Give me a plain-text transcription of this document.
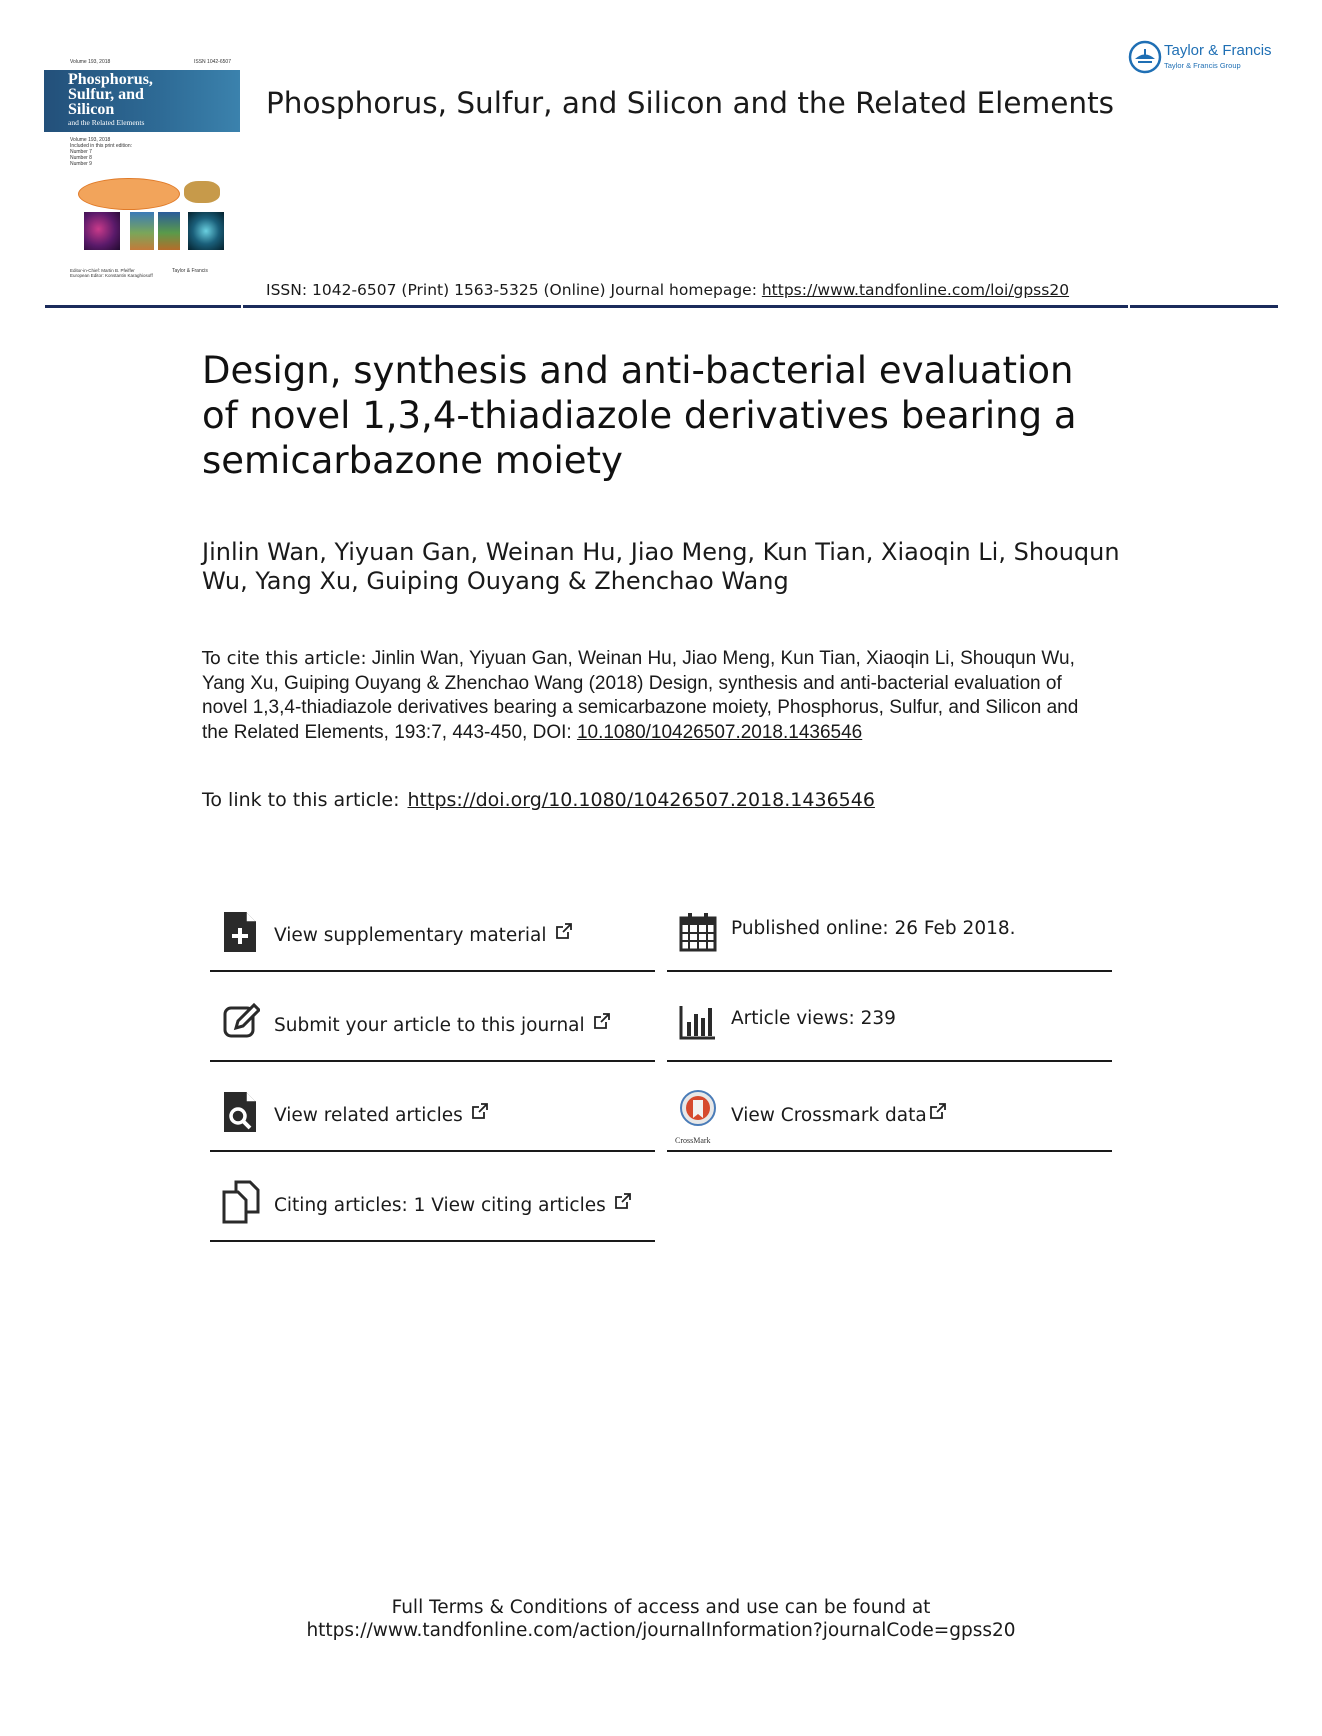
Volume 193, 2018	ISSN 1042-6507
Phosphorus,
Sulfur, and
Silicon
and the Related Elements
Volume 193, 2018
Included in this print edition:
Number 7
Number 8
Number 9
Editor-in-Chief: Martin B. Pfeiffer
European Editor: Konstantin Karaghiosoff
Taylor & Francis
Taylor & Francis
Taylor & Francis Group
Phosphorus, Sulfur, and Silicon and the Related Elements
ISSN: 1042-6507 (Print) 1563-5325 (Online) Journal homepage: https://www.tandfonline.com/loi/gpss20
Design, synthesis and anti-bacterial evaluation of novel 1,3,4-thiadiazole derivatives bearing a semicarbazone moiety
Jinlin Wan, Yiyuan Gan, Weinan Hu, Jiao Meng, Kun Tian, Xiaoqin Li, Shouqun Wu, Yang Xu, Guiping Ouyang & Zhenchao Wang
To cite this article: Jinlin Wan, Yiyuan Gan, Weinan Hu, Jiao Meng, Kun Tian, Xiaoqin Li, Shouqun Wu, Yang Xu, Guiping Ouyang & Zhenchao Wang (2018) Design, synthesis and anti-bacterial evaluation of novel 1,3,4-thiadiazole derivatives bearing a semicarbazone moiety, Phosphorus, Sulfur, and Silicon and the Related Elements, 193:7, 443-450, DOI: 10.1080/10426507.2018.1436546
To link to this article: https://doi.org/10.1080/10426507.2018.1436546
View supplementary material
Submit your article to this journal
View related articles
Citing articles: 1 View citing articles
Published online: 26 Feb 2018.
Article views: 239
CrossMark
View Crossmark data
Full Terms & Conditions of access and use can be found at
https://www.tandfonline.com/action/journalInformation?journalCode=gpss20
